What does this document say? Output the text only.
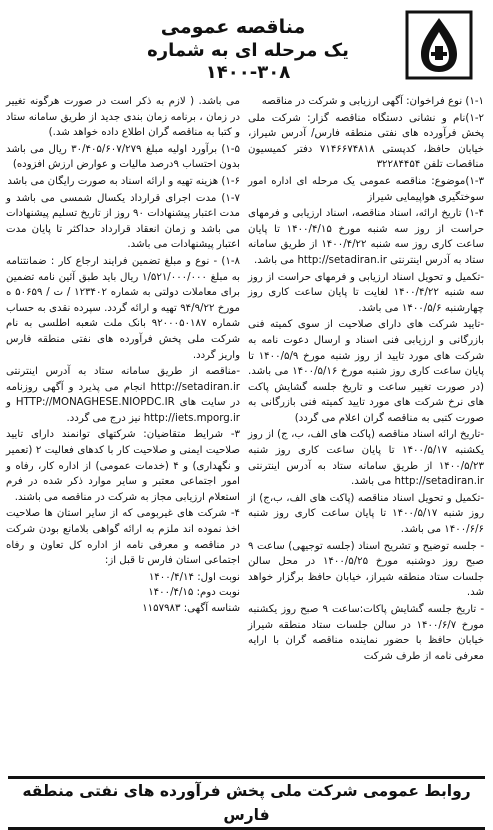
مناقصه عمومی
یک مرحله ای به شماره ۳۰۸-۱۴۰۰

۱-۱) نوع فراخوان: آگهی ارزیابی و شرکت در مناقصه

۱-۲)نام و نشانی دستگاه مناقصه گزار: شرکت ملی پخش فرآورده های نفتی منطقه فارس/ آدرس شیراز، خیابان حافظ، کدپستی ۷۱۴۶۶۷۴۸۱۸ دفتر کمیسیون مناقصات تلفن ۳۲۲۸۴۴۵۴

۱-۳)موضوع: مناقصه عمومی یک مرحله ای اداره امور سوختگیری هواپیمایی شیراز

۱-۴) تاریخ ارائه، اسناد مناقصه، اسناد ارزیابی و فرمهای حراست از روز سه شنبه مورخ ۱۴۰۰/۴/۱۵ تا پایان ساعت کاری روز سه شنبه ۱۴۰۰/۴/۲۲ از طریق سامانه ستاد به آدرس اینترنتی http://setadiran.ir می باشد.

-تکمیل و تحویل اسناد ارزیابی و فرمهای حراست از روز سه شنبه ۱۴۰۰/۴/۲۲ لغایت تا پایان ساعت کاری روز چهارشنبه ۱۴۰۰/۵/۶ می باشد.

-تایید شرکت های دارای صلاحیت از سوی کمیته فنی بازرگانی و ارزیابی فنی اسناد و ارسال دعوت نامه به شرکت های مورد تایید از روز شنبه مورخ ۱۴۰۰/۵/۹ تا پایان ساعت کاری روز شنبه مورخ ۱۴۰۰/۵/۱۶ می باشد. (در صورت تغییر ساعت و تاریخ جلسه گشایش پاکت های نرخ شرکت های مورد تایید کمیته فنی بازرگانی به صورت کتبی به مناقصه گران اعلام می گردد)

-تاریخ ارائه اسناد مناقصه (پاکت های الف، ب، ج) از روز یکشنبه ۱۴۰۰/۵/۱۷ تا پایان ساعت کاری روز شنبه ۱۴۰۰/۵/۲۳ از طریق سامانه ستاد به آدرس اینترنتی http://setadiran.ir می باشد.

-تکمیل و تحویل اسناد مناقصه (پاکت های الف، ب،ج) از روز شنبه ۱۴۰۰/۵/۱۷ تا پایان ساعت کاری روز شنبه ۱۴۰۰/۶/۶ می باشد.

- جلسه توضیح و تشریح اسناد (جلسه توجیهی) ساعت ۹ صبح روز دوشنبه مورخ ۱۴۰۰/۵/۲۵ در محل سالن جلسات ستاد منطقه شیراز، خیابان حافظ برگزار خواهد شد.

- تاریخ جلسه گشایش پاکات:ساعت ۹ صبح روز یکشنبه مورخ ۱۴۰۰/۶/۷ در سالن جلسات ستاد منطقه شیراز خیابان حافظ با حضور نماینده مناقصه گران با ارایه معرفی نامه از طرف شرکت

می باشد. ( لازم به ذکر است در صورت هرگونه تغییر در زمان ، برنامه زمان بندی جدید از طریق سامانه ستاد و کتبا به مناقصه گران اطلاع داده خواهد شد.)

۱-۵) برآورد اولیه مبلغ ۳۰/۴۰۵/۶۰۷/۲۷۹ ریال می باشد بدون احتساب ۹درصد مالیات و عوارض ارزش افزوده)

۱-۶) هزینه تهیه و ارائه اسناد به صورت رایگان می باشد

۱-۷) مدت اجرای قرارداد یکسال شمسی می باشد و مدت اعتبار پیشنهادات ۹۰ روز از تاریخ تسلیم پیشنهادات می باشد و زمان انعقاد قرارداد حداکثر تا پایان مدت اعتبار پیشنهادات می باشد.

۱-۸) - نوع و مبلغ تضمین فرایند ارجاع کار : ضمانتنامه به مبلغ ۱/۵۲۱/۰۰۰/۰۰۰ ریال باید طبق آئین نامه تضمین برای معاملات دولتی به شماره ۱۲۳۴۰۲ / ت / ۵۰۶۵۹ ه مورخ ۹۴/۹/۲۲ تهیه و ارائه گردد. سپرده نقدی به حساب شماره ۹۲۰۰۰۵۰۱۸۷ بانک ملت شعبه اطلسی به نام شرکت ملی پخش فرآورده های نفتی منطقه فارس واریز گردد.

-مناقصه از طریق سامانه ستاد به آدرس اینترنتی http://setadiran.ir انجام می پذیرد و آگهی روزنامه در سایت های HTTP://MONAGHESE.NIOPDC.IR و http://iets.mporg.ir نیز درج می گردد.

۳- شرایط متقاضیان: شرکتهای توانمند دارای تایید صلاحیت ایمنی و صلاحیت کار با کدهای فعالیت ۲ (تعمیر و نگهداری) و ۴ (خدمات عمومی) از اداره کار، رفاه و امور اجتماعی معتبر و سایر موارد ذکر شده در فرم استعلام ارزیابی مجاز به شرکت در مناقصه می باشند.

۴- شرکت های غیربومی که از سایر استان ها صلاحیت اخذ نموده اند ملزم به ارائه گواهی بلامانع بودن شرکت در مناقصه و معرفی نامه از اداره کل تعاون و رفاه اجتماعی استان فارس تا قبل از:

نوبت اول: ۱۴۰۰/۴/۱۴

نوبت دوم: ۱۴۰۰/۴/۱۵

شناسه آگهی: ۱۱۵۷۹۸۳

روابط عمومی شرکت ملی پخش فرآورده های نفتی منطقه فارس
